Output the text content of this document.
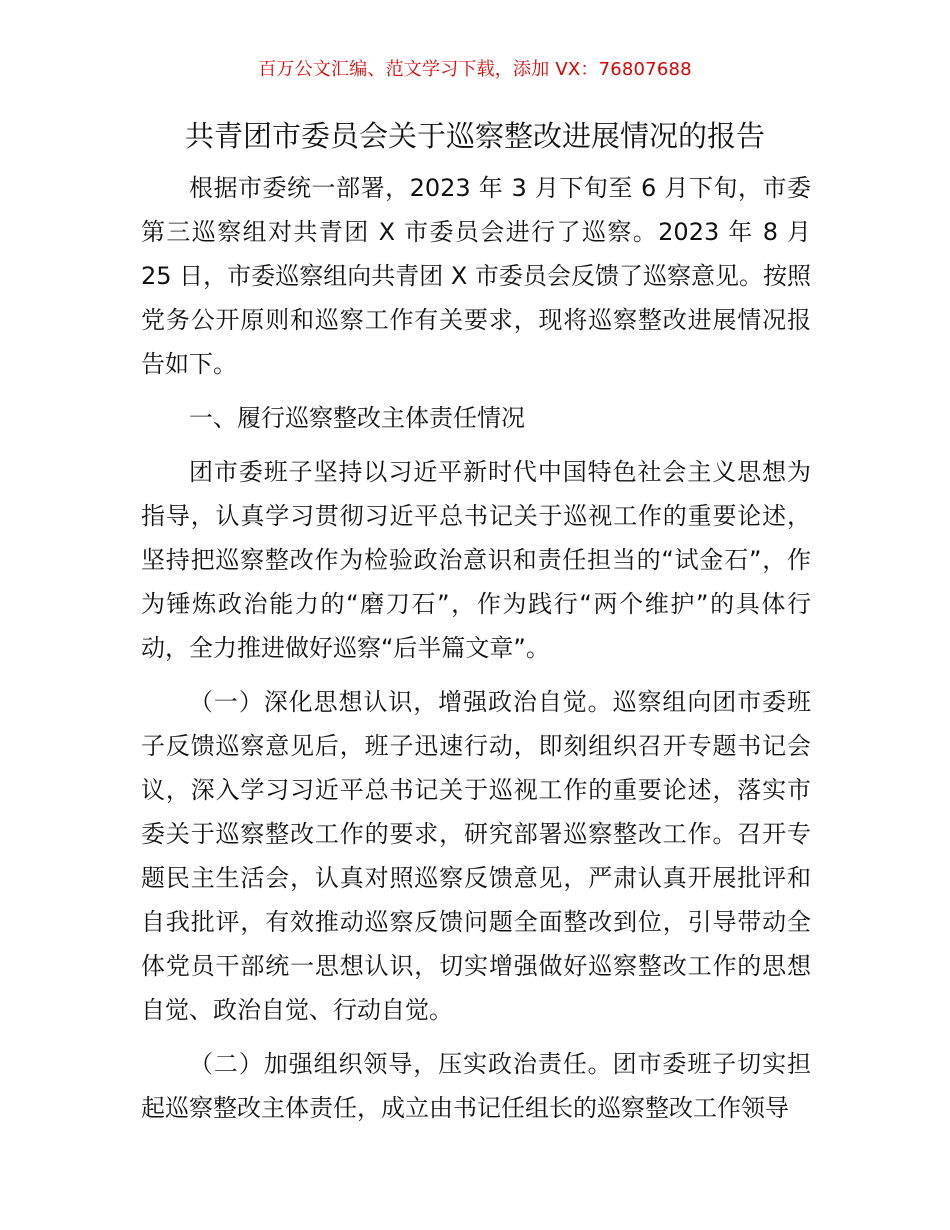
百万公文汇编、范文学习下载，添加 VX：76807688
共青团市委员会关于巡察整改进展情况的报告

根据市委统一部署，2023 年 3 月下旬至 6 月下旬，市委第三巡察组对共青团 X 市委员会进行了巡察。2023 年 8 月 25 日，市委巡察组向共青团 X 市委员会反馈了巡察意见。按照党务公开原则和巡察工作有关要求，现将巡察整改进展情况报告如下。

一、履行巡察整改主体责任情况

团市委班子坚持以习近平新时代中国特色社会主义思想为指导，认真学习贯彻习近平总书记关于巡视工作的重要论述，坚持把巡察整改作为检验政治意识和责任担当的“试金石”，作为锤炼政治能力的“磨刀石”，作为践行“两个维护”的具体行动，全力推进做好巡察“后半篇文章”。

（一）深化思想认识，增强政治自觉。巡察组向团市委班子反馈巡察意见后，班子迅速行动，即刻组织召开专题书记会议，深入学习习近平总书记关于巡视工作的重要论述，落实市委关于巡察整改工作的要求，研究部署巡察整改工作。召开专题民主生活会，认真对照巡察反馈意见，严肃认真开展批评和自我批评，有效推动巡察反馈问题全面整改到位，引导带动全体党员干部统一思想认识，切实增强做好巡察整改工作的思想自觉、政治自觉、行动自觉。

（二）加强组织领导，压实政治责任。团市委班子切实担起巡察整改主体责任，成立由书记任组长的巡察整改工作领导
